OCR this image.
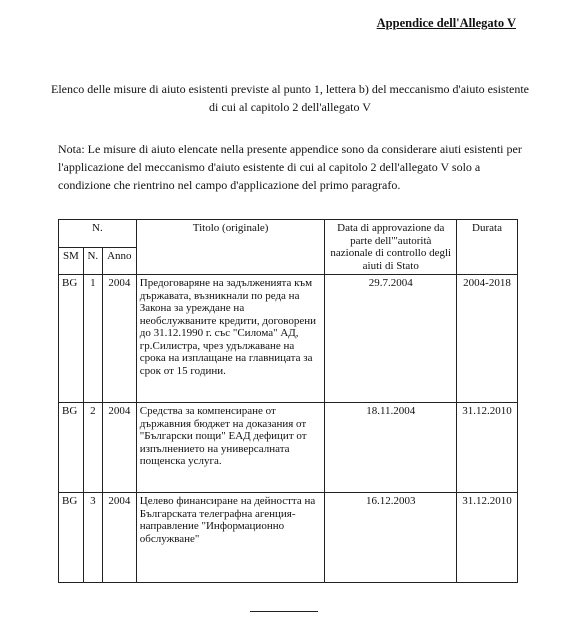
Appendice dell'Allegato V
Elenco delle misure di aiuto esistenti previste al punto 1, lettera b) del meccanismo d'aiuto esistente
di cui al capitolo 2 dell'allegato V
Nota: Le misure di aiuto elencate nella presente appendice sono da considerare aiuti esistenti per l'applicazione del meccanismo d'aiuto esistente di cui al capitolo 2 dell'allegato V solo a condizione che rientrino nel campo d'applicazione del primo paragrafo.
N.			Titolo (originale)	Data di approvazione da parte dell'"autorità nazionale di controllo degli aiuti di Stato	Durata
SM	N.	Anno			
BG	1	2004	Предоговаряне на задълженията към държавата, възникнали по реда на Закона за уреждане на необслужваните кредити, договорени до 31.12.1990 г. със "Силома" АД, гр.Силистра, чрез удължаване на срока на изплащане на главницата за срок от 15 години.	29.7.2004	2004-2018
BG	2	2004	Средства за компенсиране от държавния бюджет на доказания от "Български пощи" ЕАД дефицит от изпълнението на универсалната пощенска услуга.	18.11.2004	31.12.2010
BG	3	2004	Целево финансиране на дейността на Българската телеграфна агенция-направление "Информационно обслужване"	16.12.2003	31.12.2010
